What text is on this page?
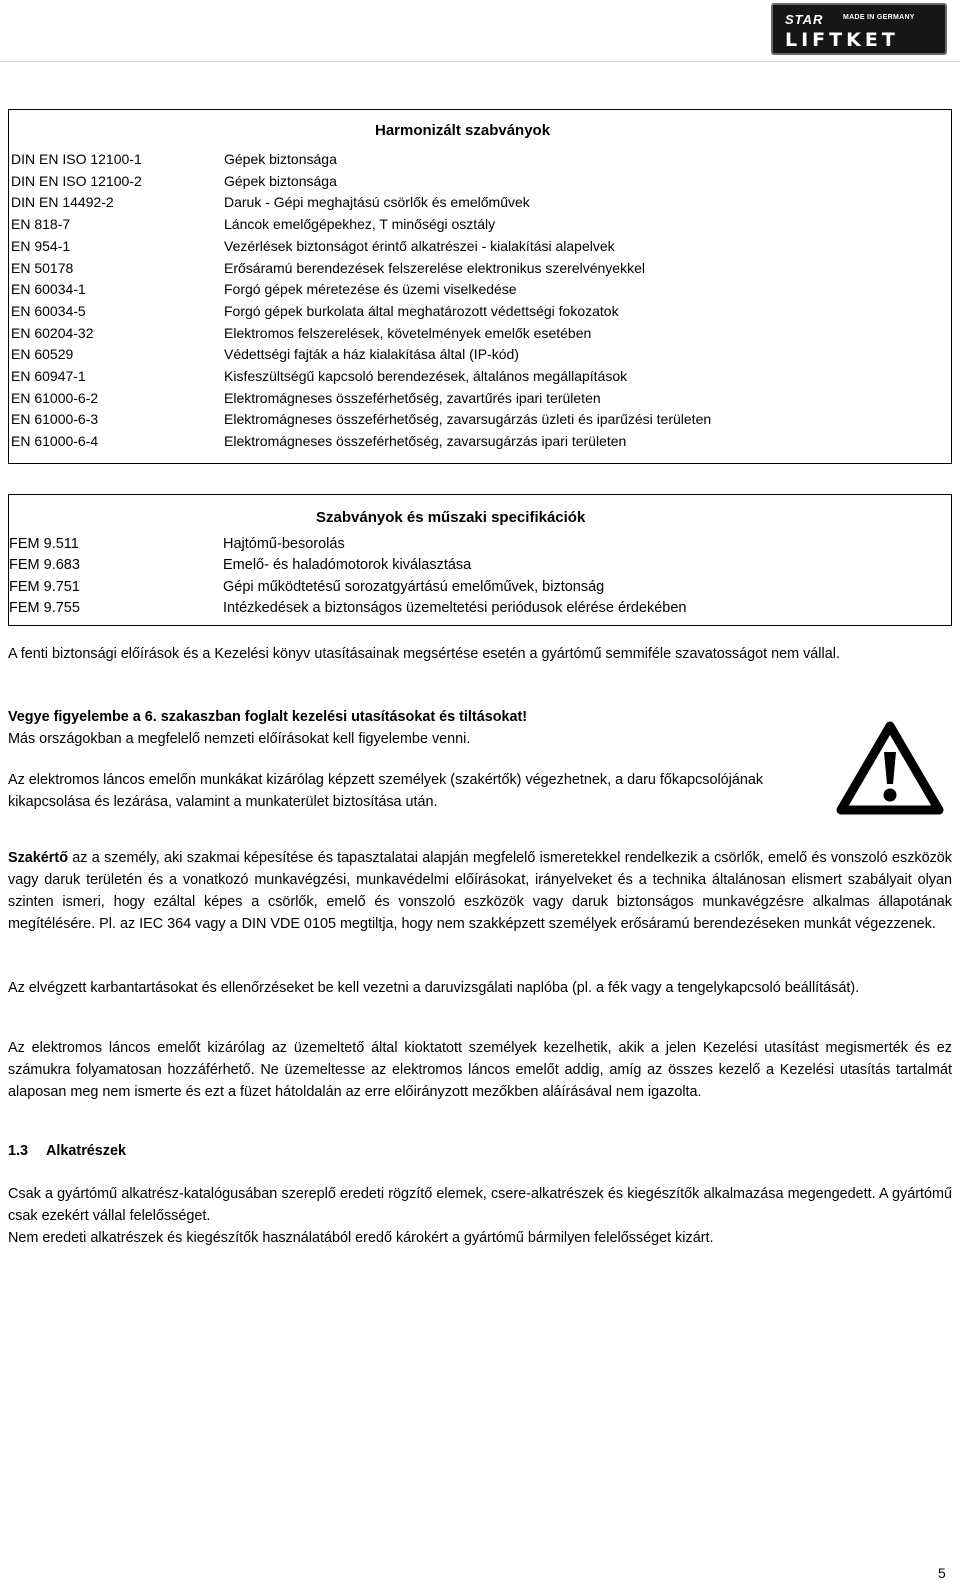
STAR	MADE IN GERMANY
LIFTKET
Harmonizált szabványok
DIN EN ISO 12100-1	Gépek biztonsága
DIN EN ISO 12100-2	Gépek biztonsága
DIN EN 14492-2	Daruk - Gépi meghajtású csörlők és emelőművek
EN 818-7	Láncok emelőgépekhez, T minőségi osztály
EN 954-1	Vezérlések biztonságot érintő alkatrészei - kialakítási alapelvek
EN 50178	Erősáramú berendezések felszerelése elektronikus szerelvényekkel
EN 60034-1	Forgó gépek méretezése és üzemi viselkedése
EN 60034-5	Forgó gépek burkolata által meghatározott védettségi fokozatok
EN 60204-32	Elektromos felszerelések, követelmények emelők esetében
EN 60529	Védettségi fajták a ház kialakítása által (IP-kód)
EN 60947-1	Kisfeszültségű kapcsoló berendezések, általános megállapítások
EN 61000-6-2	Elektromágneses összeférhetőség, zavartűrés ipari területen
EN 61000-6-3	Elektromágneses összeférhetőség, zavarsugárzás üzleti és iparűzési területen
EN 61000-6-4	Elektromágneses összeférhetőség, zavarsugárzás ipari területen
Szabványok és műszaki specifikációk
FEM 9.511	Hajtómű-besorolás
FEM 9.683	Emelő- és haladómotorok kiválasztása
FEM 9.751	Gépi működtetésű sorozatgyártású emelőművek, biztonság
FEM 9.755	Intézkedések a biztonságos üzemeltetési periódusok elérése érdekében

A fenti biztonsági előírások és a Kezelési könyv utasításainak megsértése esetén a gyártómű semmiféle szavatosságot nem vállal.

Vegye figyelembe a 6. szakaszban foglalt kezelési utasításokat és tiltásokat!
Más országokban a megfelelő nemzeti előírásokat kell figyelembe venni.

Az elektromos láncos emelőn munkákat kizárólag képzett személyek (szakértők) végezhetnek, a daru főkapcsolójának kikapcsolása és lezárása, valamint a munkaterület biztosítása után.

Szakértő az a személy, aki szakmai képesítése és tapasztalatai alapján megfelelő ismeretekkel rendelkezik a csörlők, emelő és vonszoló eszközök vagy daruk területén és a vonatkozó munkavégzési, munkavédelmi előírásokat, irányelveket és a technika általánosan elismert szabályait olyan szinten ismeri, hogy ezáltal képes a csörlők, emelő és vonszoló eszközök vagy daruk biztonságos munkavégzésre alkalmas állapotának megítélésére. Pl. az IEC 364 vagy a DIN VDE 0105 megtiltja, hogy nem szakképzett személyek erősáramú berendezéseken munkát végezzenek.

Az elvégzett karbantartásokat és ellenőrzéseket be kell vezetni a daruvizsgálati naplóba (pl. a fék vagy a tengelykapcsoló beállítását).

Az elektromos láncos emelőt kizárólag az üzemeltető által kioktatott személyek kezelhetik, akik a jelen Kezelési utasítást megismerték és ez számukra folyamatosan hozzáférhető. Ne üzemeltesse az elektromos láncos emelőt addig, amíg az összes kezelő a Kezelési utasítás tartalmát alaposan meg nem ismerte és ezt a füzet hátoldalán az erre előirányzott mezőkben aláírásával nem igazolta.

1.3 Alkatrészek

Csak a gyártómű alkatrész-katalógusában szereplő eredeti rögzítő elemek, csere-alkatrészek és kiegészítők alkalmazása megengedett. A gyártómű csak ezekért vállal felelősséget.
Nem eredeti alkatrészek és kiegészítők használatából eredő károkért a gyártómű bármilyen felelősséget kizárt.

5
